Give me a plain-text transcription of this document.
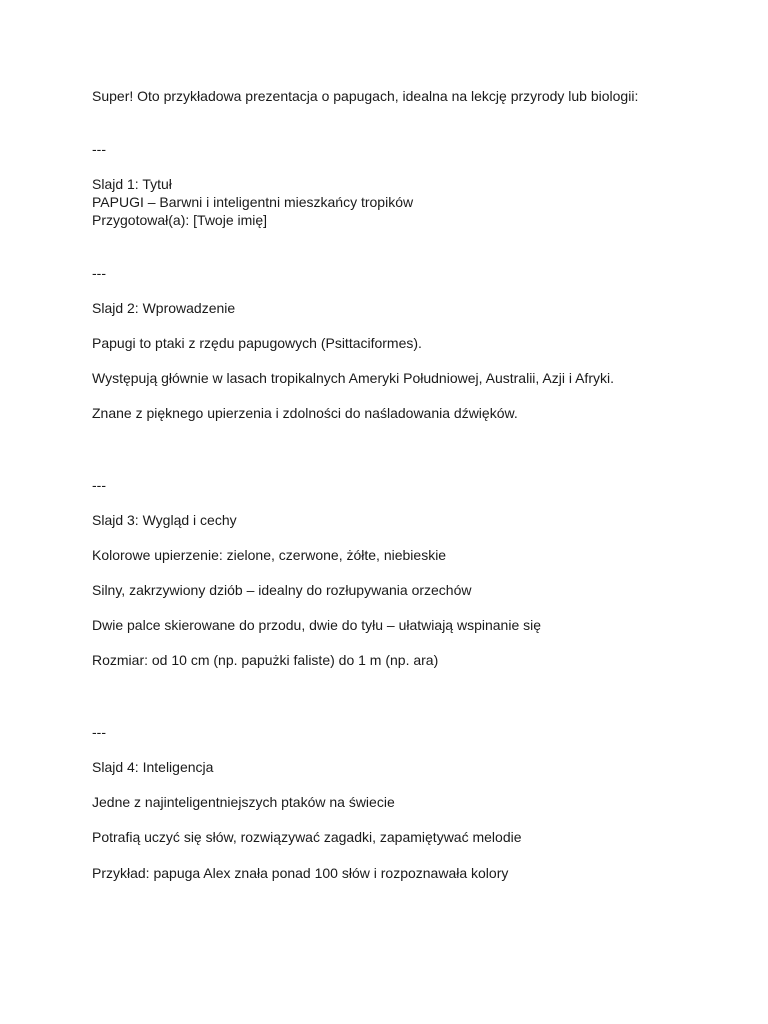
Super! Oto przykładowa prezentacja o papugach, idealna na lekcję przyrody lub biologii:
---
Slajd 1: Tytuł
PAPUGI – Barwni i inteligentni mieszkańcy tropików
Przygotował(a): [Twoje imię]
---
Slajd 2: Wprowadzenie
Papugi to ptaki z rzędu papugowych (Psittaciformes).
Występują głównie w lasach tropikalnych Ameryki Południowej, Australii, Azji i Afryki.
Znane z pięknego upierzenia i zdolności do naśladowania dźwięków.
---
Slajd 3: Wygląd i cechy
Kolorowe upierzenie: zielone, czerwone, żółte, niebieskie
Silny, zakrzywiony dziób – idealny do rozłupywania orzechów
Dwie palce skierowane do przodu, dwie do tyłu – ułatwiają wspinanie się
Rozmiar: od 10 cm (np. papużki faliste) do 1 m (np. ara)
---
Slajd 4: Inteligencja
Jedne z najinteligentniejszych ptaków na świecie
Potrafią uczyć się słów, rozwiązywać zagadki, zapamiętywać melodie
Przykład: papuga Alex znała ponad 100 słów i rozpoznawała kolory
